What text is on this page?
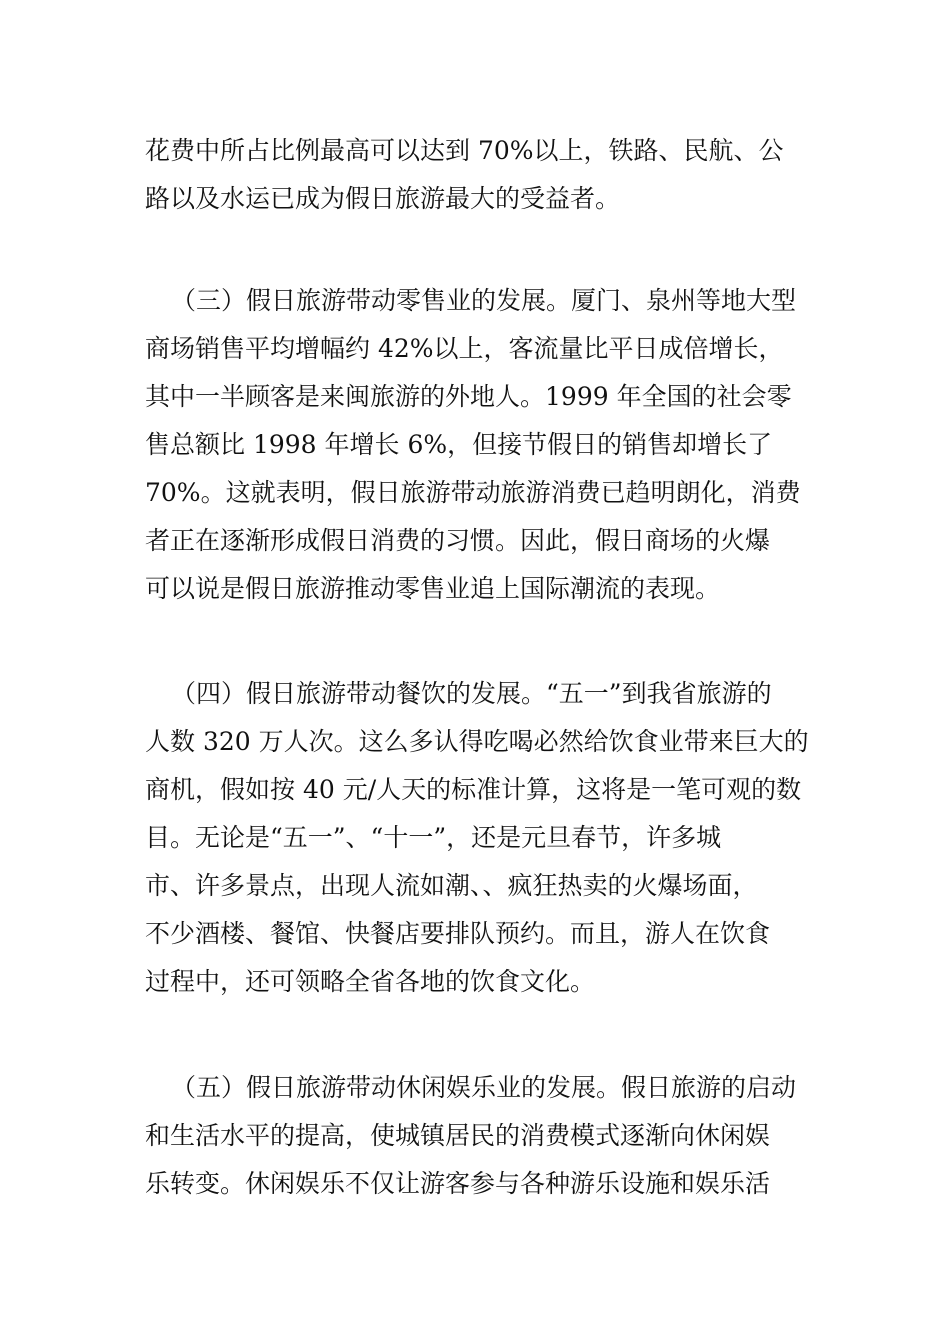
花费中所占比例最高可以达到 70%以上，铁路、民航、公
路以及水运已成为假日旅游最大的受益者。

（三）假日旅游带动零售业的发展。厦门、泉州等地大型
商场销售平均增幅约 42%以上，客流量比平日成倍增长，
其中一半顾客是来闽旅游的外地人。1999 年全国的社会零
售总额比 1998 年增长 6%，但接节假日的销售却增长了
70%。这就表明，假日旅游带动旅游消费已趋明朗化，消费
者正在逐渐形成假日消费的习惯。因此，假日商场的火爆
可以说是假日旅游推动零售业追上国际潮流的表现。

（四）假日旅游带动餐饮的发展。“五一”到我省旅游的
人数 320 万人次。这么多认得吃喝必然给饮食业带来巨大的
商机，假如按 40 元/人天的标准计算，这将是一笔可观的数
目。无论是“五一”、“十一”，还是元旦春节，许多城
市、许多景点，出现人流如潮、、疯狂热卖的火爆场面，
不少酒楼、餐馆、快餐店要排队预约。而且，游人在饮食
过程中，还可领略全省各地的饮食文化。

（五）假日旅游带动休闲娱乐业的发展。假日旅游的启动
和生活水平的提高，使城镇居民的消费模式逐渐向休闲娱
乐转变。休闲娱乐不仅让游客参与各种游乐设施和娱乐活
